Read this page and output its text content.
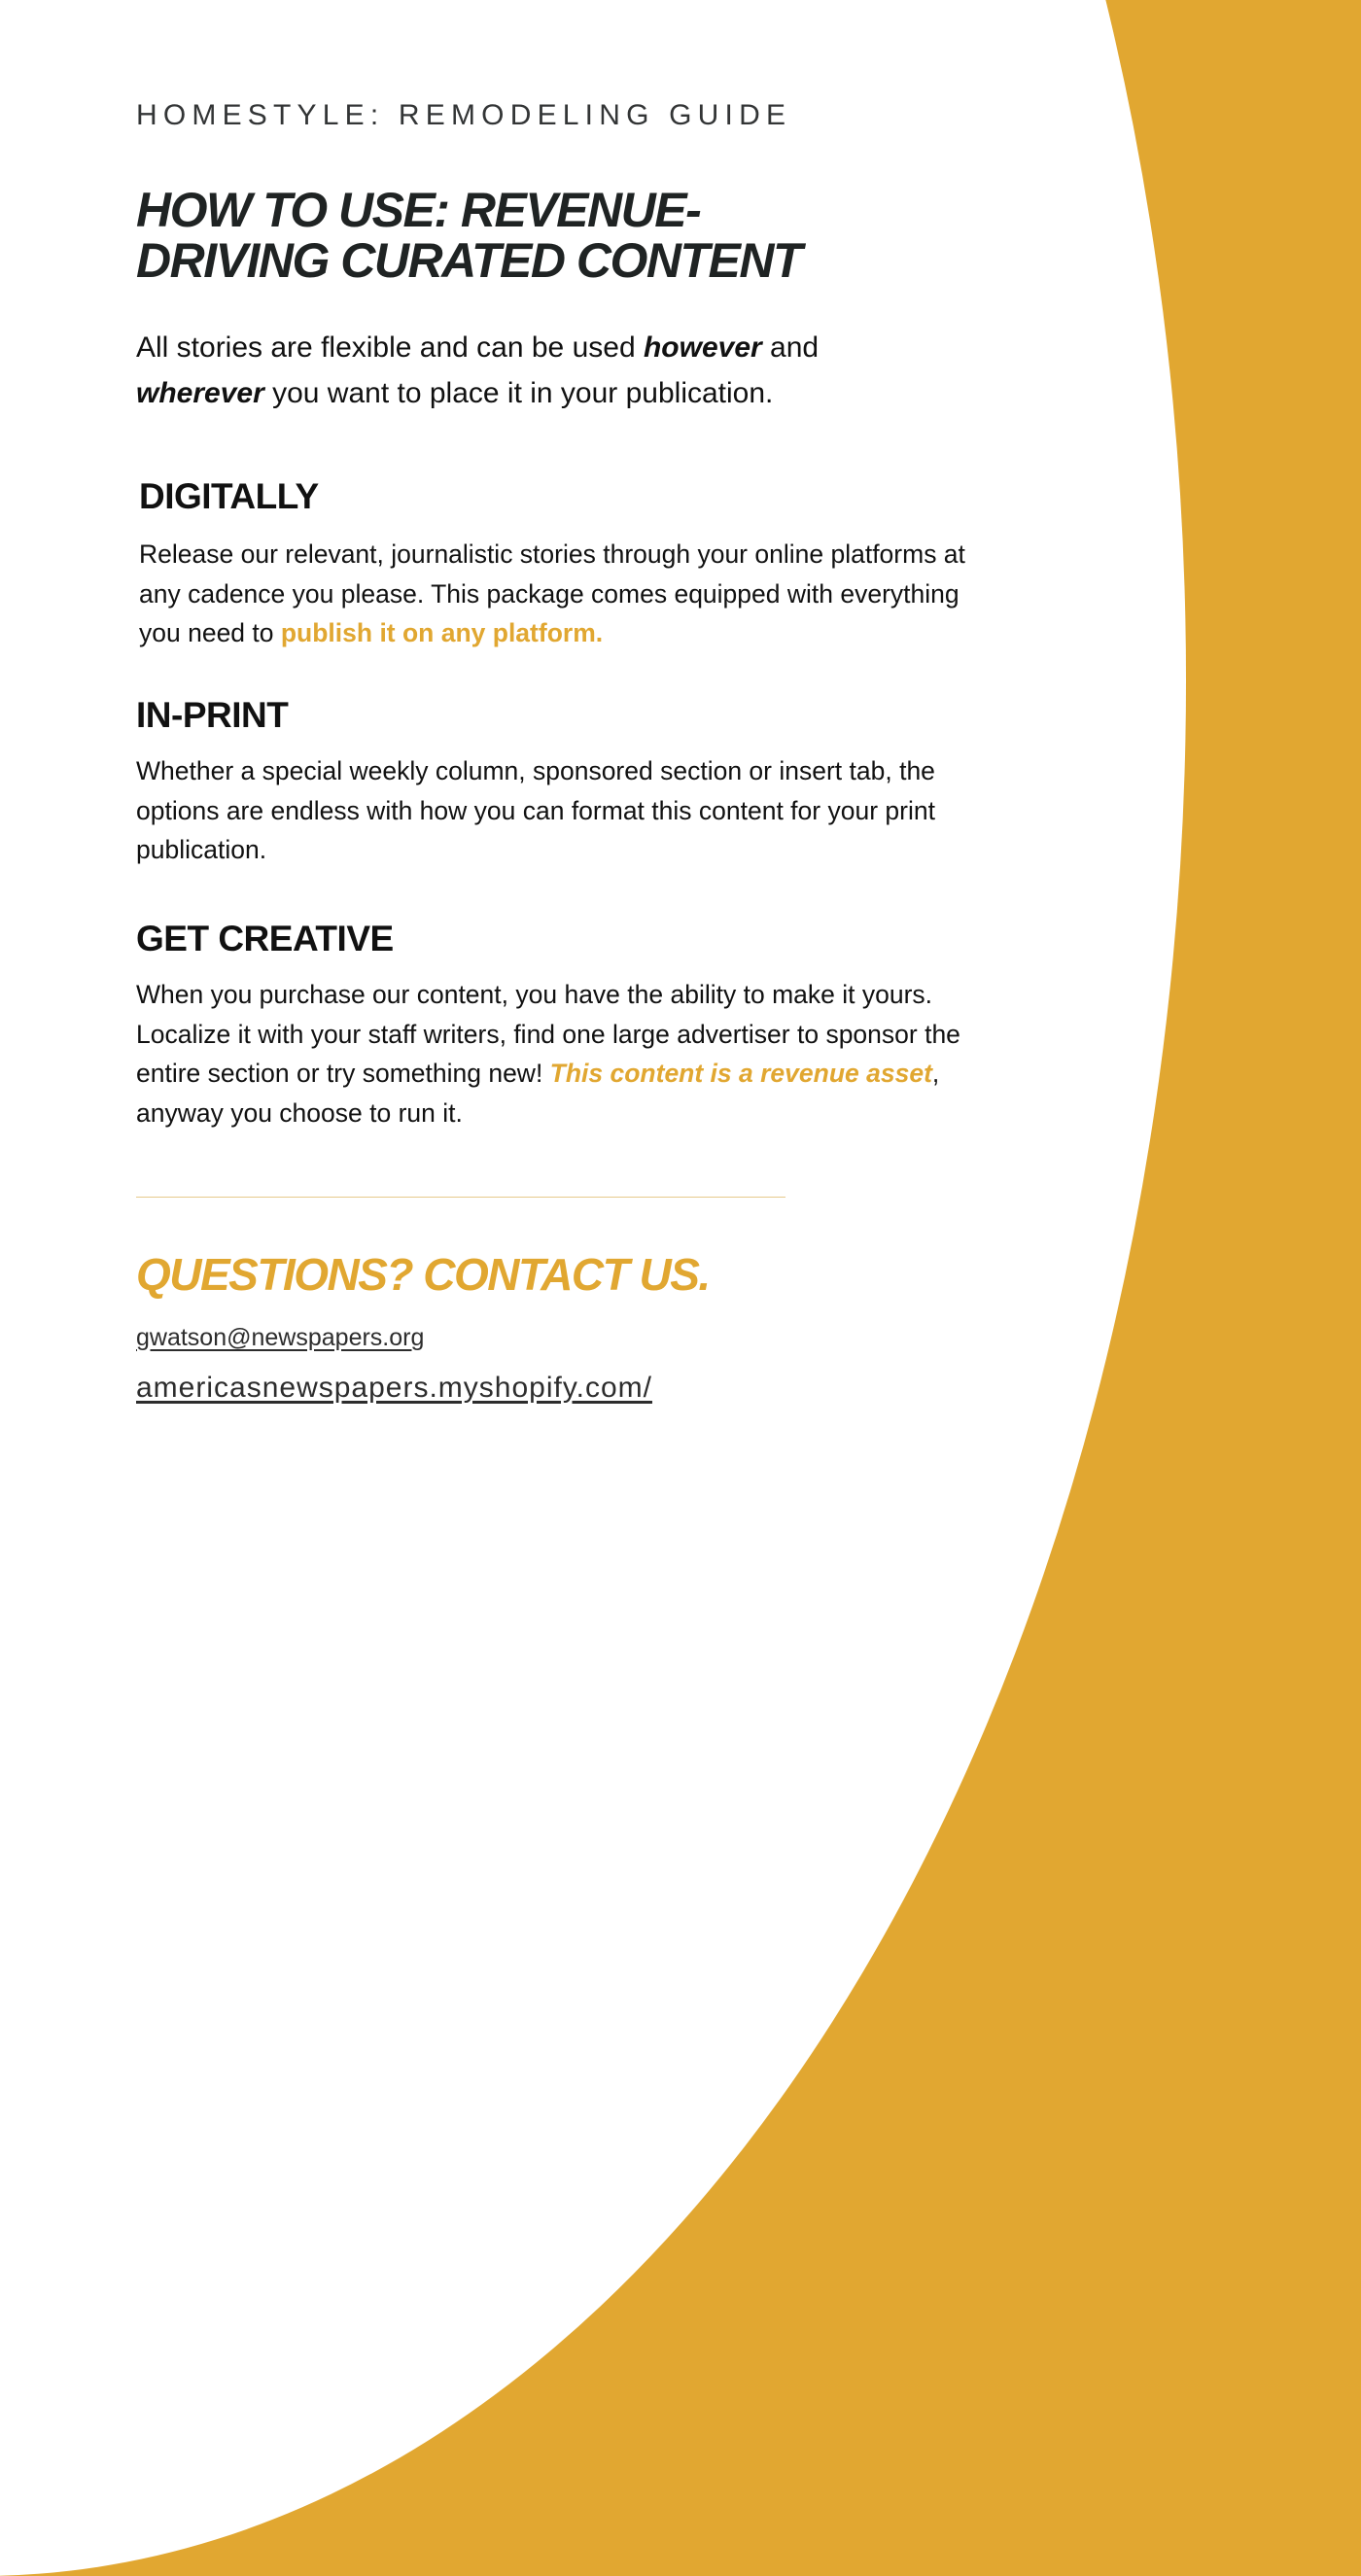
HOMESTYLE: REMODELING GUIDE

HOW TO USE: REVENUE-
DRIVING CURATED CONTENT

All stories are flexible and can be used however and
wherever you want to place it in your publication.

DIGITALLY

Release our relevant, journalistic stories through your online platforms at any cadence you please. This package comes equipped with everything you need to publish it on any platform.

IN-PRINT

Whether a special weekly column, sponsored section or insert tab, the options are endless with how you can format this content for your print publication.

GET CREATIVE

When you purchase our content, you have the ability to make it yours. Localize it with your staff writers, find one large advertiser to sponsor the entire section or try something new! This content is a revenue asset, anyway you choose to run it.

QUESTIONS? CONTACT US.
gwatson@newspapers.org
americasnewspapers.myshopify.com/
